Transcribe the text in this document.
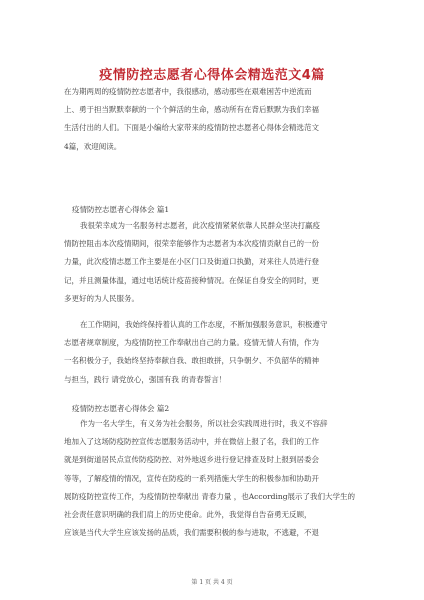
疫情防控志愿者心得体会精选范文4篇
在为期两周的疫情防控志愿者中，我很感动，感动那些在艰难困苦中逆流而
上、勇于担当默默奉献的一个个鲜活的生命，感动所有在背后默默为我们幸福
生活付出的人们。下面是小编给大家带来的疫情防控志愿者心得体会精选范文
4篇，欢迎阅读。
疫情防控志愿者心得体会 篇1
我很荣幸成为一名服务村志愿者，此次疫情紧紧依靠人民群众坚决打赢疫
情防控阻击本次疫情期间，很荣幸能够作为志愿者为本次疫情贡献自己的一份
力量，此次疫情志愿工作主要是在小区门口及街道口执勤，对来往人员进行登
记，并且测量体温，通过电话统计疫苗接种情况。在保证自身安全的同时，更
多更好的为人民服务。
在工作期间，我始终保持着认真的工作态度，不断加强服务意识，积极遵守
志愿者规章制度，为疫情防控工作奉献出自己的力量。疫情无情人有情，作为
一名积极分子，我始终坚持奉献自我、敢担敢拼，只争朝夕、不负韶华的精神
与担当，践行 请党放心，强国有我 的青春誓言！
疫情防控志愿者心得体会 篇2
作为一名大学生，有义务为社会服务，所以社会实践周进行时，我义不容辞
地加入了这场防疫防控宣传志愿服务活动中，并在微信上报了名，我们的工作
就是到街道居民点宣传防疫防控、对外地返乡进行登记排查及时上报到居委会
等等，了解疫情的情况，宣传在防疫的一系列措施大学生的积极参加和协助开
展防疫防控宣传工作，为疫情防控奉献出 青春力量 ，也According展示了我们大学生的
社会责任意识明确的我们肩上的历史使命。此外，我觉得自告奋勇无反顾，
应该是当代大学生应该发扬的品质，我们需要积极的参与进取，不逃避，不退
第 1 页 共 4 页
